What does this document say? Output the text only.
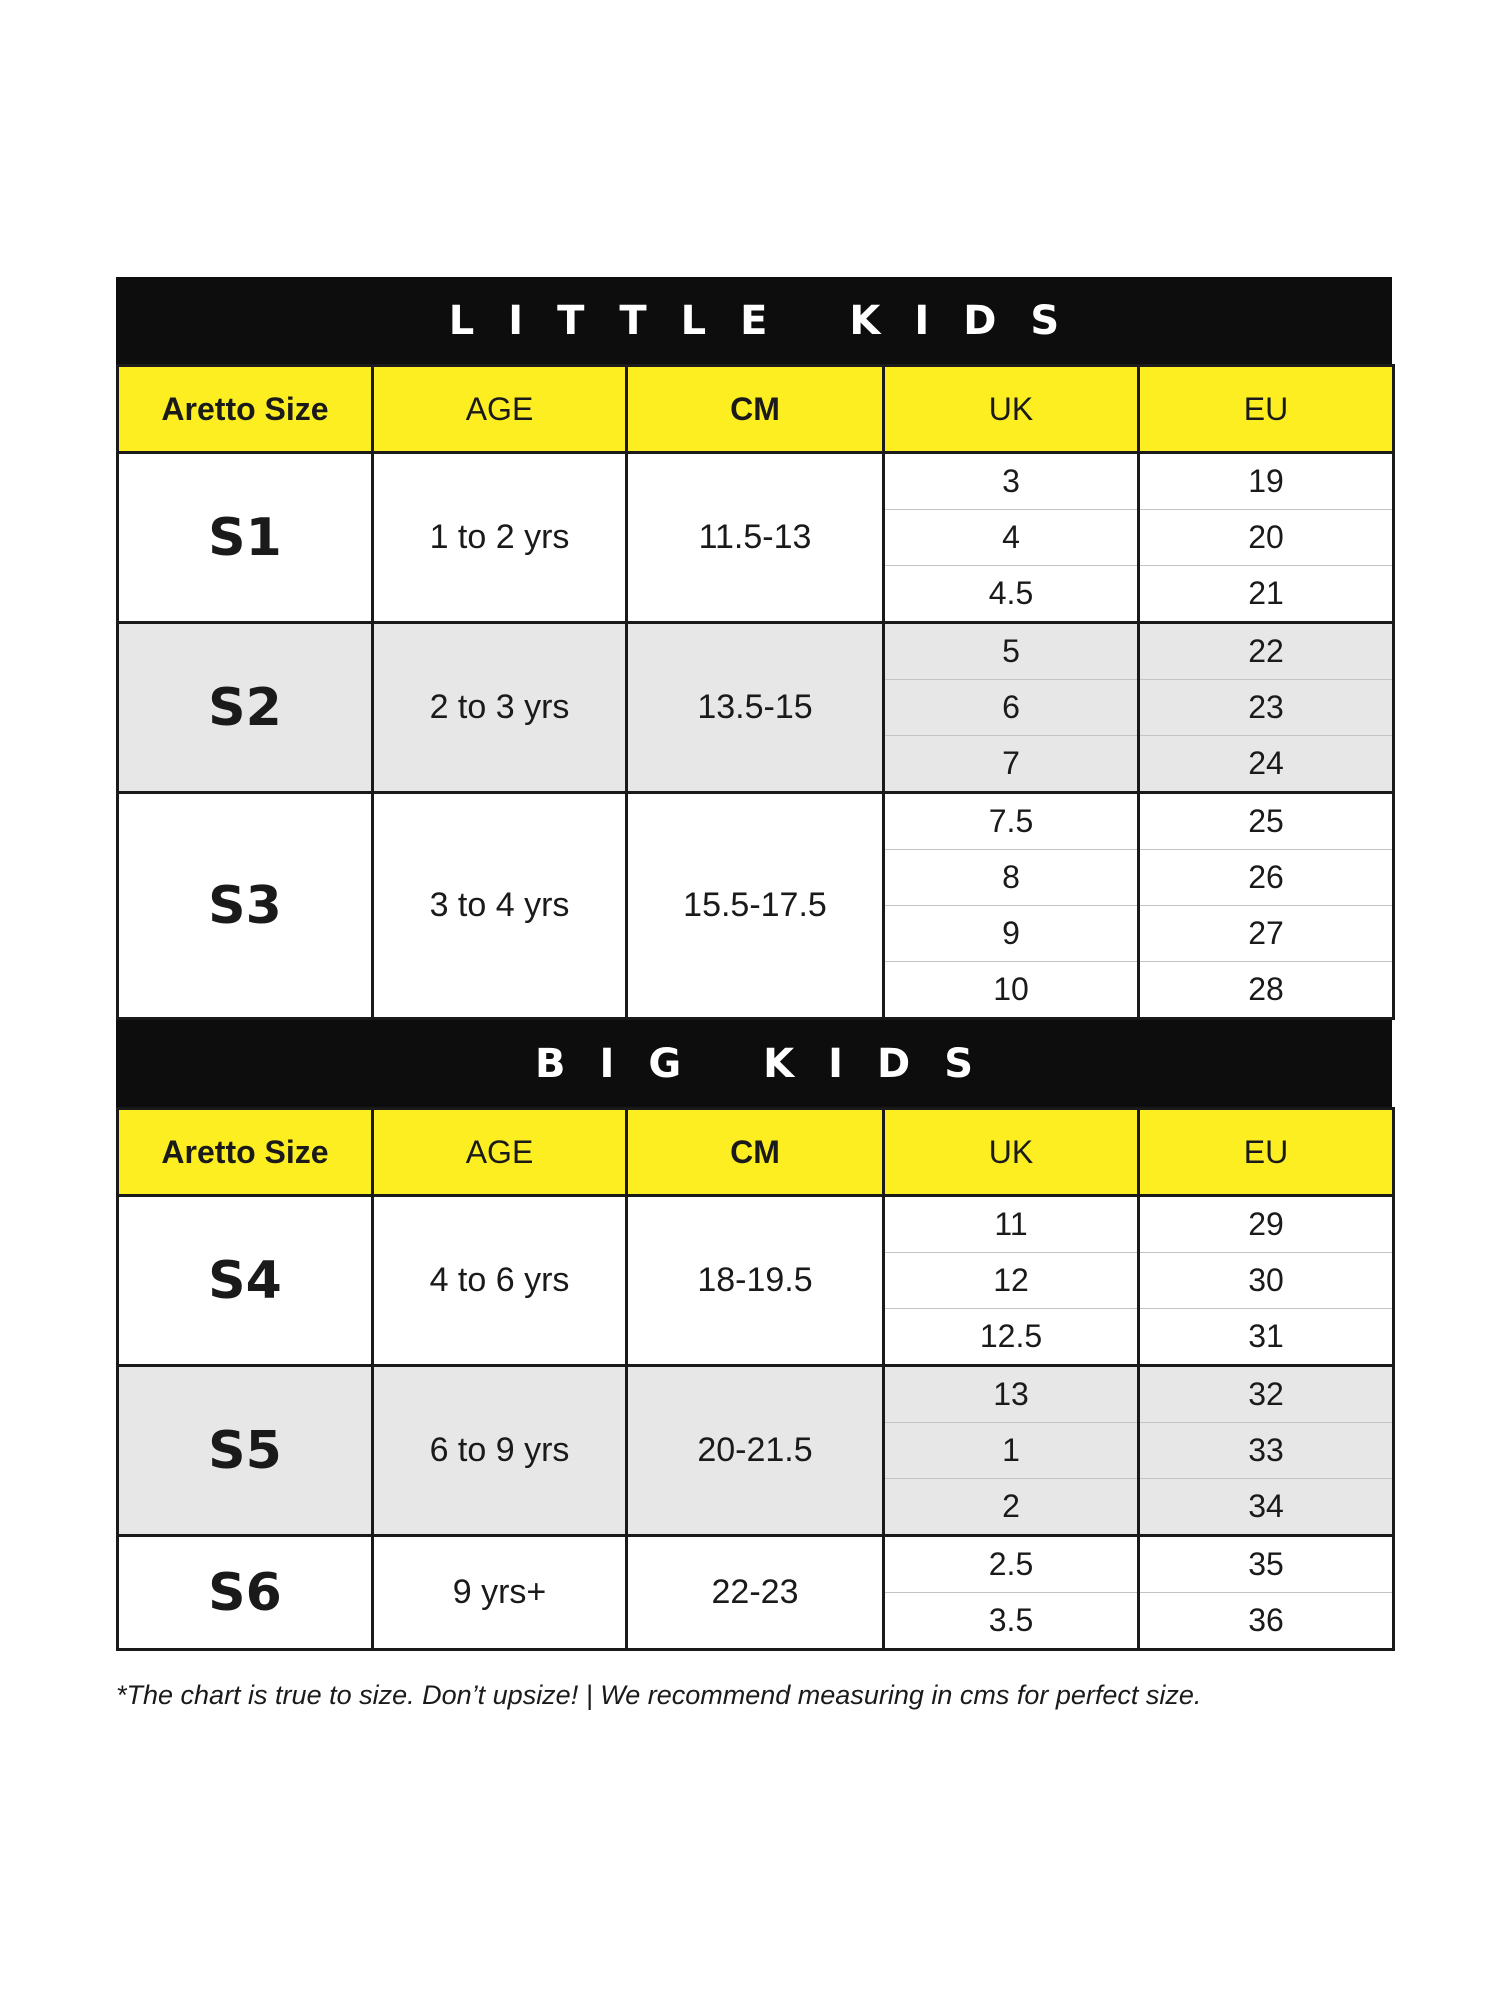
LITTLE KIDS
Aretto Size	AGE	CM	UK	EU
S1	1 to 2 yrs	11.5-13	3	19
			4	20
			4.5	21
S2	2 to 3 yrs	13.5-15	5	22
			6	23
			7	24
S3	3 to 4 yrs	15.5-17.5	7.5	25
			8	26
			9	27
			10	28
BIG KIDS
Aretto Size	AGE	CM	UK	EU
S4	4 to 6 yrs	18-19.5	11	29
			12	30
			12.5	31
S5	6 to 9 yrs	20-21.5	13	32
			1	33
			2	34
S6	9 yrs+	22-23	2.5	35
			3.5	36
*The chart is true to size. Don’t upsize! | We recommend measuring in cms for perfect size.
